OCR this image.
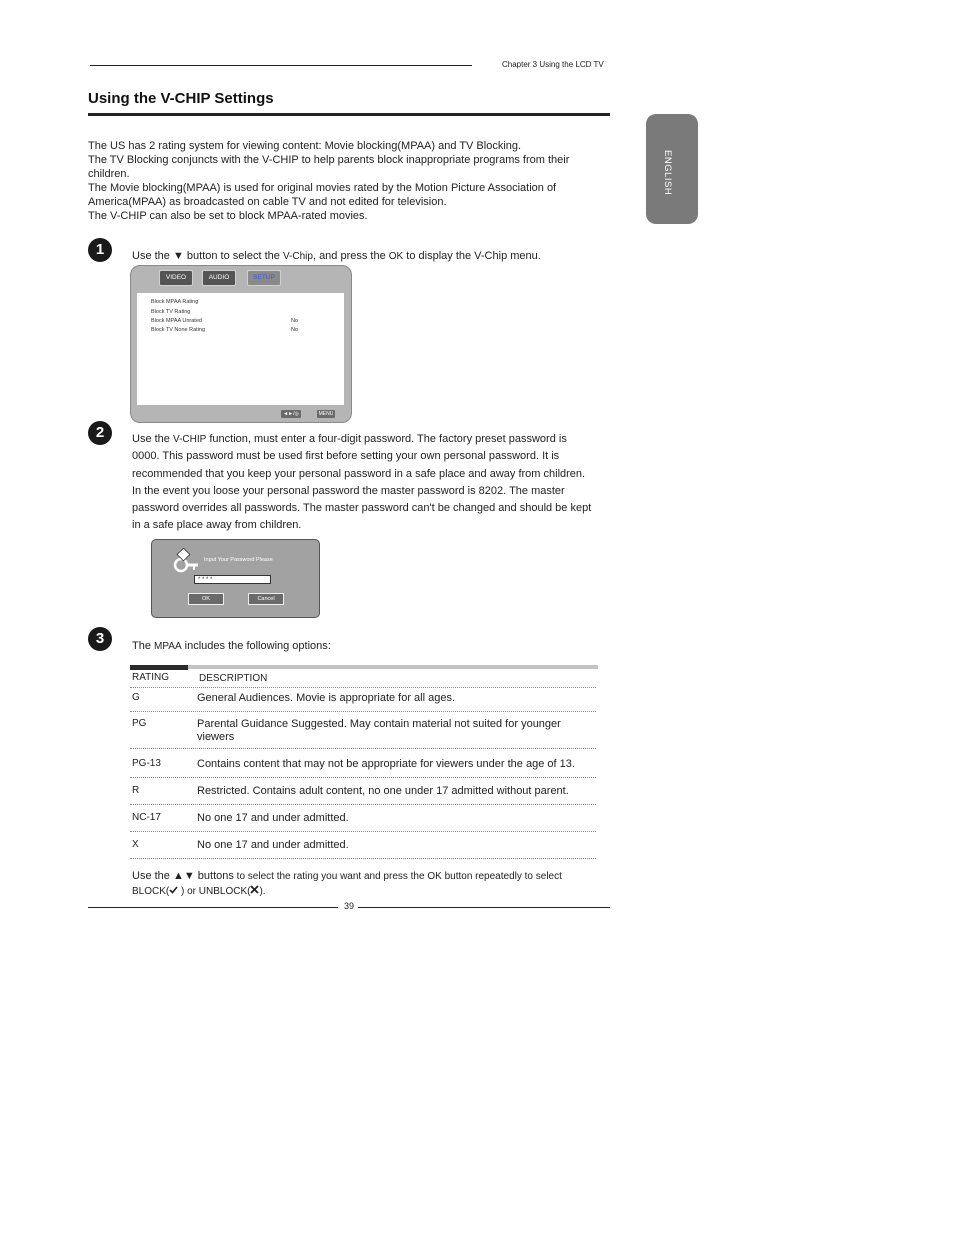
Chapter 3 Using the LCD TV
Using the V-CHIP Settings
ENGLISH
The US has 2 rating system for viewing content: Movie blocking(MPAA) and TV Blocking.
The TV Blocking conjuncts with the V-CHIP to help parents block inappropriate programs from their children.
The Movie blocking(MPAA) is used for original movies rated by the Motion Picture Association of America(MPAA) as broadcasted on cable TV and not edited for television.
The V-CHIP can also be set to block MPAA-rated movies.
1	Use the ▼ button to select the V-Chip, and press the OK to display the V-Chip menu.
VIDEO	AUDIO	SETUP
Block MPAA Rating
Block TV Rating
Block MPAA Unrated	No
Block TV None Rating	No
◄►/◎	MENU
2	Use the V-CHIP function, must enter a four-digit password. The factory preset password is 0000. This password must be used first before setting your own personal password. It is recommended that you keep your personal password in a safe place and away from children. In the event you loose your personal password the master password is 8202. The master password overrides all passwords. The master password can't be changed and should be kept in a safe place away from children.
Input Your Password Please
* * * *
OK	Cancel
3	The MPAA includes the following options:
RATING	DESCRIPTION
G	General Audiences. Movie is appropriate for all ages.
PG	Parental Guidance Suggested. May contain material not suited for younger viewers
PG-13	Contains content that may not be appropriate for viewers under the age of 13.
R	Restricted. Contains adult content, no one under 17 admitted without parent.
NC-17	No one 17 and under admitted.
X	No one 17 and under admitted.
Use the ▲▼ buttons to select the rating you want and press the OK button repeatedly to select
BLOCK( ) or UNBLOCK( ).
39
